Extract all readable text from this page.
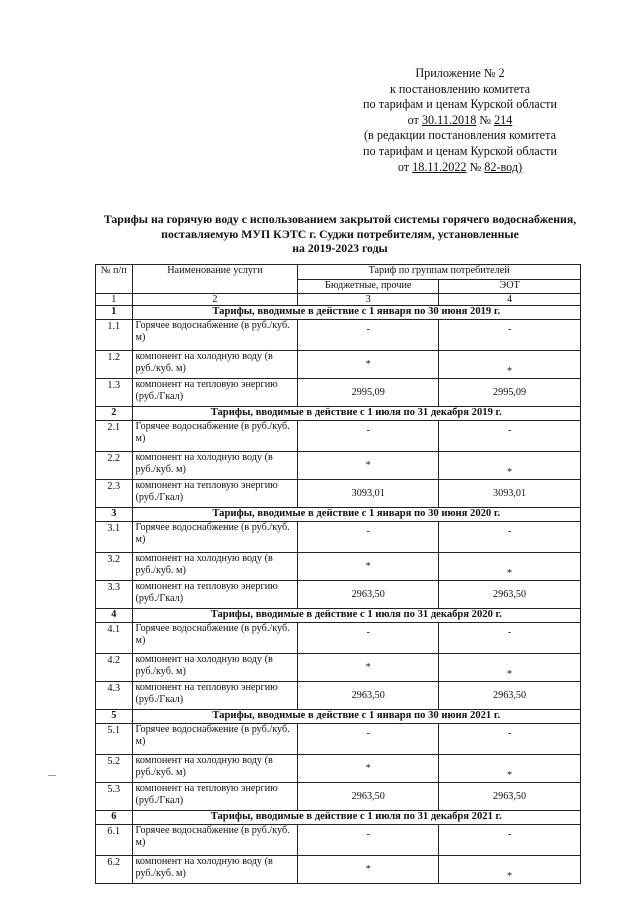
Приложение № 2
к постановлению комитета
по тарифам и ценам Курской области
от 30.11.2018 № 214
(в редакции постановления комитета
по тарифам и ценам Курской области
от 18.11.2022 № 82-вод)
Тарифы на горячую воду с использованием закрытой системы горячего водоснабжения,
поставляемую МУП КЭТС г. Суджи потребителям, установленные
на 2019-2023 годы
№ п/п	Наименование услуги	Тариф по группам потребителей	
		Бюджетные, прочие	ЭОТ
1	2	3	4
1	Тарифы, вводимые в действие с 1 января по 30 июня 2019 г.		
1.1	Горячее водоснабжение (в руб./куб. м)	-	-
1.2	компонент на холодную воду (в руб./куб. м)	*	*
1.3	компонент на тепловую энергию (руб./Гкал)	2995,09	2995,09
2	Тарифы, вводимые в действие с 1 июля по 31 декабря 2019 г.		
2.1	Горячее водоснабжение (в руб./куб. м)	-	-
2.2	компонент на холодную воду (в руб./куб. м)	*	*
2.3	компонент на тепловую энергию (руб./Гкал)	3093,01	3093,01
3	Тарифы, вводимые в действие с 1 января по 30 июня 2020 г.		
3.1	Горячее водоснабжение (в руб./куб. м)	-	-
3.2	компонент на холодную воду (в руб./куб. м)	*	*
3.3	компонент на тепловую энергию (руб./Гкал)	2963,50	2963,50
4	Тарифы, вводимые в действие с 1 июля по 31 декабря 2020 г.		
4.1	Горячее водоснабжение (в руб./куб. м)	-	-
4.2	компонент на холодную воду (в руб./куб. м)	*	*
4.3	компонент на тепловую энергию (руб./Гкал)	2963,50	2963,50
5	Тарифы, вводимые в действие с 1 января по 30 июня 2021 г.		
5.1	Горячее водоснабжение (в руб./куб. м)	-	-
5.2	компонент на холодную воду (в руб./куб. м)	*	*
5.3	компонент на тепловую энергию (руб./Гкал)	2963,50	2963,50
6	Тарифы, вводимые в действие с 1 июля по 31 декабря 2021 г.		
6.1	Горячее водоснабжение (в руб./куб. м)	-	-
6.2	компонент на холодную воду (в руб./куб. м)	*	*
